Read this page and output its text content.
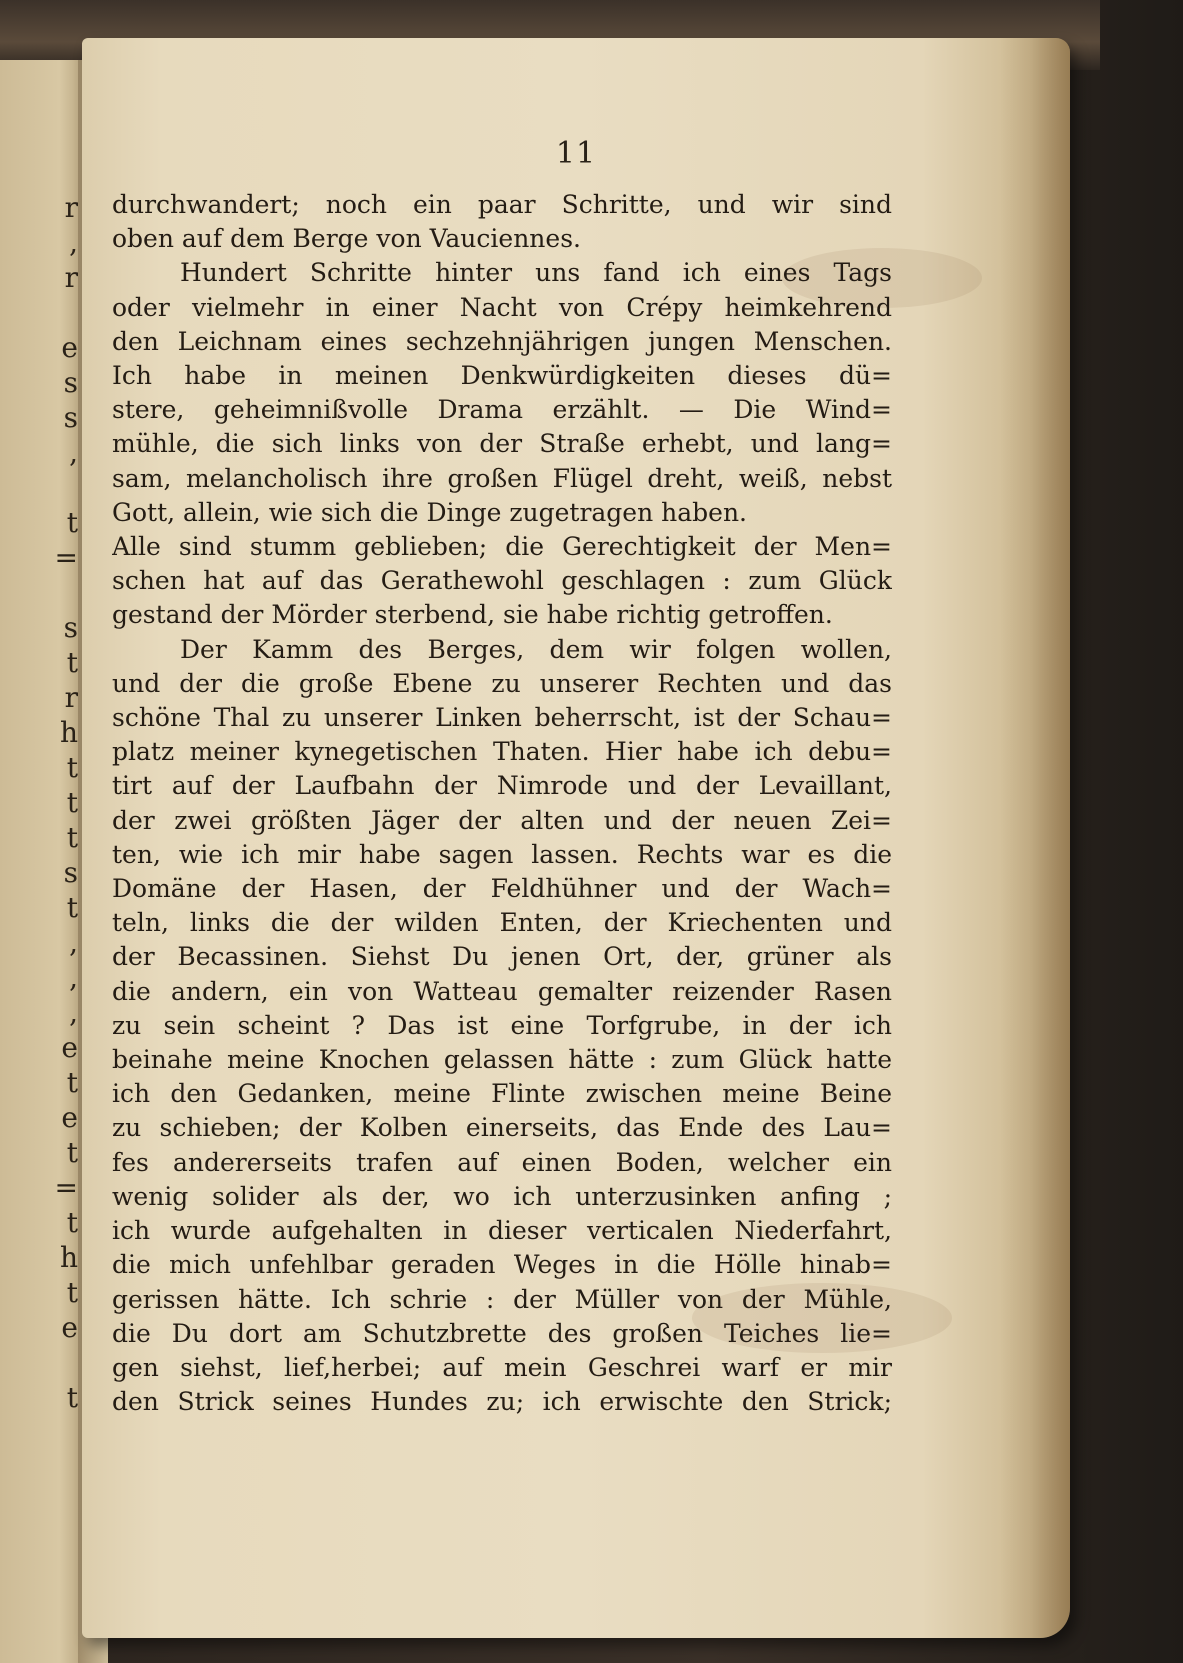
r
,
r

e
s
s
,

t
=

s
t
r
h
t
t
t
s
t
,
,
,
e
t
e
t
=
t
h
t
e

t
11
durchwandert; noch ein paar Schritte, und wir sind
oben auf dem Berge von Vauciennes.
Hundert Schritte hinter uns fand ich eines Tags
oder vielmehr in einer Nacht von Crépy heimkehrend
den Leichnam eines sechzehnjährigen jungen Menschen.
Ich habe in meinen Denkwürdigkeiten dieses dü=
stere, geheimnißvolle Drama erzählt. — Die Wind=
mühle, die sich links von der Straße erhebt, und lang=
sam, melancholisch ihre großen Flügel dreht, weiß, nebst
Gott, allein, wie sich die Dinge zugetragen haben.
Alle sind stumm geblieben; die Gerechtigkeit der Men=
schen hat auf das Gerathewohl geschlagen : zum Glück
gestand der Mörder sterbend, sie habe richtig getroffen.
Der Kamm des Berges, dem wir folgen wollen,
und der die große Ebene zu unserer Rechten und das
schöne Thal zu unserer Linken beherrscht, ist der Schau=
platz meiner kynegetischen Thaten. Hier habe ich debu=
tirt auf der Laufbahn der Nimrode und der Levaillant,
der zwei größten Jäger der alten und der neuen Zei=
ten, wie ich mir habe sagen lassen. Rechts war es die
Domäne der Hasen, der Feldhühner und der Wach=
teln, links die der wilden Enten, der Kriechenten und
der Becassinen. Siehst Du jenen Ort, der, grüner als
die andern, ein von Watteau gemalter reizender Rasen
zu sein scheint ? Das ist eine Torfgrube, in der ich
beinahe meine Knochen gelassen hätte : zum Glück hatte
ich den Gedanken, meine Flinte zwischen meine Beine
zu schieben; der Kolben einerseits, das Ende des Lau=
fes andererseits trafen auf einen Boden, welcher ein
wenig solider als der, wo ich unterzusinken anfing ;
ich wurde aufgehalten in dieser verticalen Niederfahrt,
die mich unfehlbar geraden Weges in die Hölle hinab=
gerissen hätte. Ich schrie : der Müller von der Mühle,
die Du dort am Schutzbrette des großen Teiches lie=
gen siehst, lief,herbei; auf mein Geschrei warf er mir
den Strick seines Hundes zu; ich erwischte den Strick;
